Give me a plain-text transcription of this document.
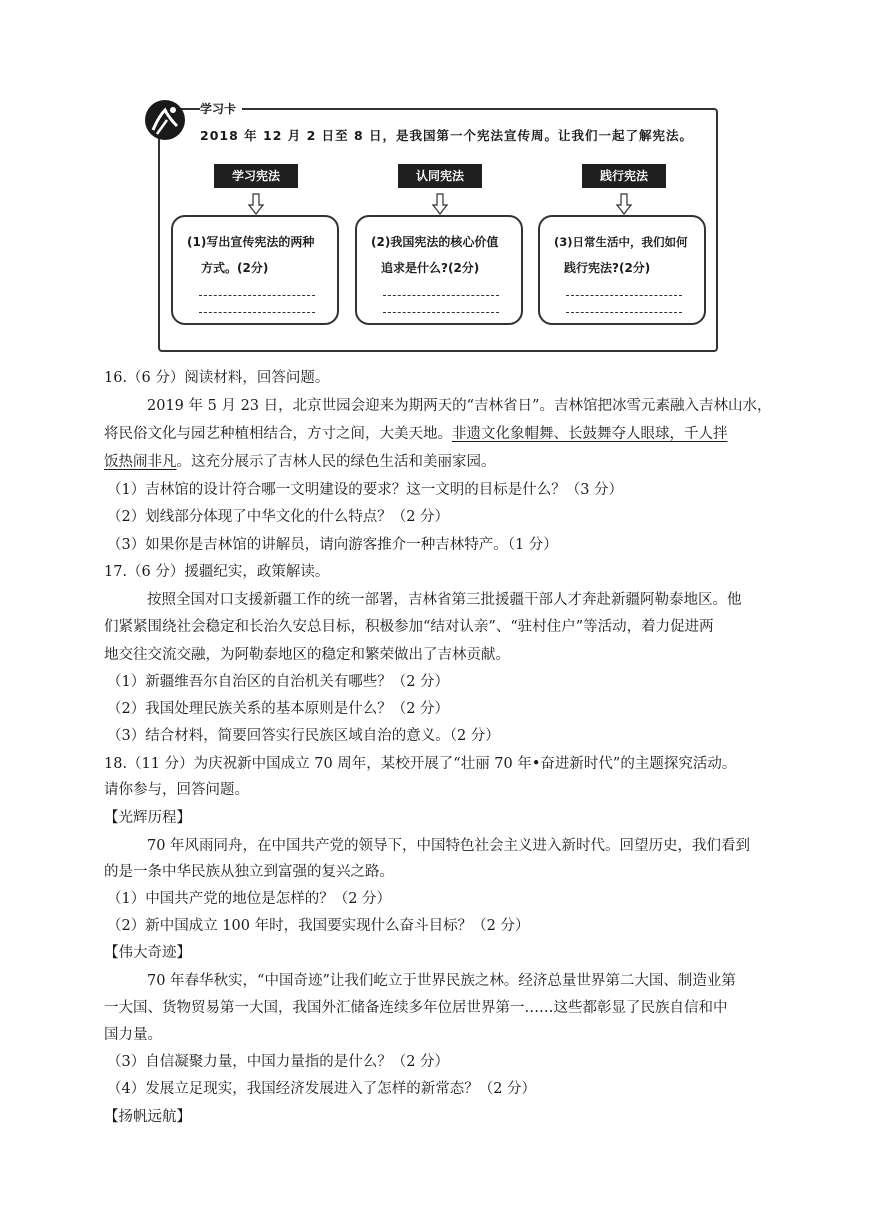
学习卡
2018 年 12 月 2 日至 8 日，是我国第一个宪法宣传周。让我们一起了解宪法。
学习宪法	认同宪法	践行宪法
(1)写出宣传宪法的两种
方式。(2分)
(2)我国宪法的核心价值
追求是什么?(2分)
(3)日常生活中，我们如何
践行宪法?(2分)
16.（6 分）阅读材料，回答问题。
2019 年 5 月 23 日，北京世园会迎来为期两天的“吉林省日”。吉林馆把冰雪元素融入吉林山水，
将民俗文化与园艺种植相结合，方寸之间，大美天地。非遗文化象帽舞、长鼓舞夺人眼球，千人拌
饭热闹非凡。这充分展示了吉林人民的绿色生活和美丽家园。
（1）吉林馆的设计符合哪一文明建设的要求？这一文明的目标是什么？（3 分）
（2）划线部分体现了中华文化的什么特点？（2 分）
（3）如果你是吉林馆的讲解员，请向游客推介一种吉林特产。（1 分）
17.（6 分）援疆纪实，政策解读。
按照全国对口支援新疆工作的统一部署，吉林省第三批援疆干部人才奔赴新疆阿勒泰地区。他
们紧紧围绕社会稳定和长治久安总目标，积极参加“结对认亲”、“驻村住户”等活动，着力促进两
地交往交流交融，为阿勒泰地区的稳定和繁荣做出了吉林贡献。
（1）新疆维吾尔自治区的自治机关有哪些？（2 分）
（2）我国处理民族关系的基本原则是什么？（2 分）
（3）结合材料，简要回答实行民族区域自治的意义。（2 分）
18.（11 分）为庆祝新中国成立 70 周年，某校开展了“壮丽 70 年•奋进新时代”的主题探究活动。
请你参与，回答问题。
【光辉历程】
70 年风雨同舟，在中国共产党的领导下，中国特色社会主义进入新时代。回望历史，我们看到
的是一条中华民族从独立到富强的复兴之路。
（1）中国共产党的地位是怎样的？（2 分）
（2）新中国成立 100 年时，我国要实现什么奋斗目标？（2 分）
【伟大奇迹】
70 年春华秋实，“中国奇迹”让我们屹立于世界民族之林。经济总量世界第二大国、制造业第
一大国、货物贸易第一大国，我国外汇储备连续多年位居世界第一……这些都彰显了民族自信和中
国力量。
（3）自信凝聚力量，中国力量指的是什么？（2 分）
（4）发展立足现实，我国经济发展进入了怎样的新常态？（2 分）
【扬帆远航】
